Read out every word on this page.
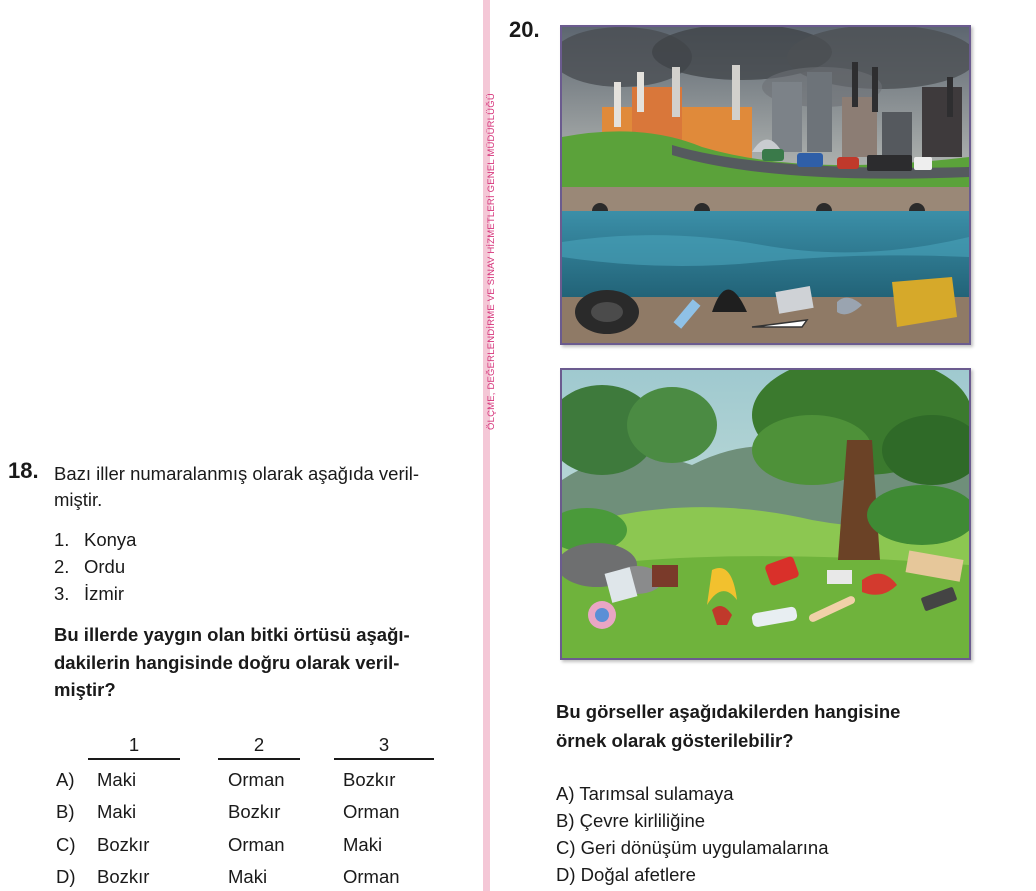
ÖLÇME, DEĞERLENDİRME VE SINAV HİZMETLERİ GENEL MÜDÜRLÜĞÜ
18. Bazı iller numaralanmış olarak aşağıda veril-
miştir.
1. Konya
2. Ordu
3. İzmir
Bu illerde yaygın olan bitki örtüsü aşağı-
dakilerin hangisinde doğru olarak veril-
miştir?
1	2	3
A) Maki	Orman	Bozkır
B) Maki	Bozkır	Orman
C) Bozkır	Orman	Maki
D) Bozkır	Maki	Orman
20.
Bu görseller aşağıdakilerden hangisine
örnek olarak gösterilebilir?
A) Tarımsal sulamaya
B) Çevre kirliliğine
C) Geri dönüşüm uygulamalarına
D) Doğal afetlere
